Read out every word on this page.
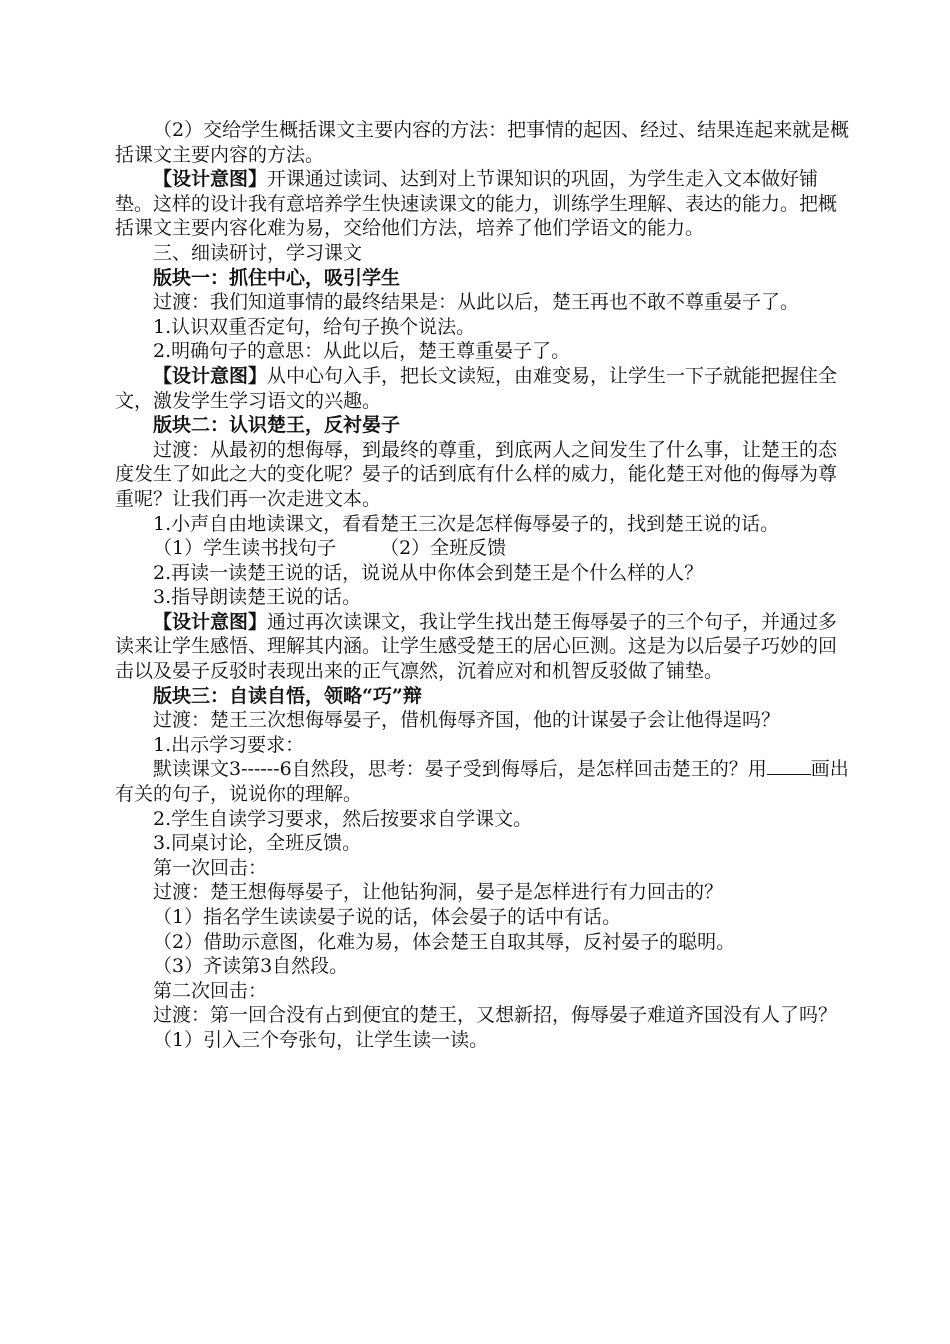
（2）交给学生概括课文主要内容的方法：把事情的起因、经过、结果连起来就是概括课文主要内容的方法。

【设计意图】开课通过读词、达到对上节课知识的巩固，为学生走入文本做好铺垫。这样的设计我有意培养学生快速读课文的能力，训练学生理解、表达的能力。把概括课文主要内容化难为易，交给他们方法，培养了他们学语文的能力。

三、细读研讨，学习课文

版块一：抓住中心，吸引学生

过渡：我们知道事情的最终结果是：从此以后，楚王再也不敢不尊重晏子了。

1.认识双重否定句，给句子换个说法。

2.明确句子的意思：从此以后，楚王尊重晏子了。

【设计意图】从中心句入手，把长文读短，由难变易，让学生一下子就能把握住全文，激发学生学习语文的兴趣。

版块二：认识楚王，反衬晏子

过渡：从最初的想侮辱，到最终的尊重，到底两人之间发生了什么事，让楚王的态度发生了如此之大的变化呢？晏子的话到底有什么样的威力，能化楚王对他的侮辱为尊重呢？让我们再一次走进文本。

1.小声自由地读课文，看看楚王三次是怎样侮辱晏子的，找到楚王说的话。

（1）学生读书找句子 （2）全班反馈

2.再读一读楚王说的话，说说从中你体会到楚王是个什么样的人？

3.指导朗读楚王说的话。

【设计意图】通过再次读课文，我让学生找出楚王侮辱晏子的三个句子，并通过多读来让学生感悟、理解其内涵。让学生感受楚王的居心叵测。这是为以后晏子巧妙的回击以及晏子反驳时表现出来的正气凛然，沉着应对和机智反驳做了铺垫。

版块三：自读自悟，领略“巧”辩

过渡：楚王三次想侮辱晏子，借机侮辱齐国，他的计谋晏子会让他得逞吗？

1.出示学习要求：

默读课文3------6自然段，思考：晏子受到侮辱后，是怎样回击楚王的？用 画出有关的句子，说说你的理解。

2.学生自读学习要求，然后按要求自学课文。

3.同桌讨论，全班反馈。

第一次回击：

过渡：楚王想侮辱晏子，让他钻狗洞，晏子是怎样进行有力回击的？

（1）指名学生读读晏子说的话，体会晏子的话中有话。

（2）借助示意图，化难为易，体会楚王自取其辱，反衬晏子的聪明。

（3）齐读第3自然段。

第二次回击：

过渡：第一回合没有占到便宜的楚王，又想新招，侮辱晏子难道齐国没有人了吗？

（1）引入三个夸张句，让学生读一读。
